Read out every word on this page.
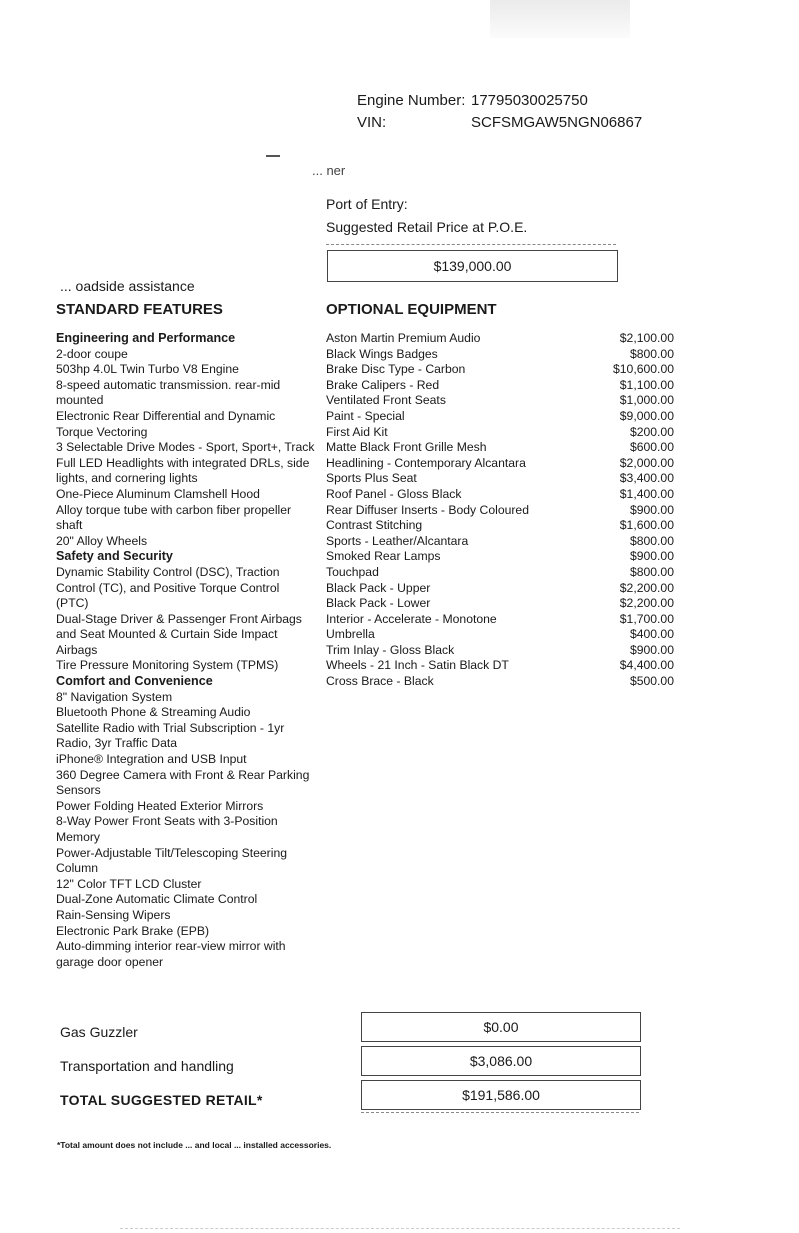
Engine Number: 17795030025750
VIN:	SCFSMGAW5NGN06867
... ner
Port of Entry:
Suggested Retail Price at P.O.E.
$139,000.00
... oadside assistance
STANDARD FEATURES	OPTIONAL EQUIPMENT
Engineering and Performance
2-door coupe
503hp 4.0L Twin Turbo V8 Engine
8-speed automatic transmission. rear-mid
mounted
Electronic Rear Differential and Dynamic
Torque Vectoring
3 Selectable Drive Modes - Sport, Sport+, Track
Full LED Headlights with integrated DRLs, side
lights, and cornering lights
One-Piece Aluminum Clamshell Hood
Alloy torque tube with carbon fiber propeller
shaft
20" Alloy Wheels
Safety and Security
Dynamic Stability Control (DSC), Traction
Control (TC), and Positive Torque Control
(PTC)
Dual-Stage Driver & Passenger Front Airbags
and Seat Mounted & Curtain Side Impact
Airbags
Tire Pressure Monitoring System (TPMS)
Comfort and Convenience
8" Navigation System
Bluetooth Phone & Streaming Audio
Satellite Radio with Trial Subscription - 1yr
Radio, 3yr Traffic Data
iPhone® Integration and USB Input
360 Degree Camera with Front & Rear Parking
Sensors
Power Folding Heated Exterior Mirrors
8-Way Power Front Seats with 3-Position
Memory
Power-Adjustable Tilt/Telescoping Steering
Column
12" Color TFT LCD Cluster
Dual-Zone Automatic Climate Control
Rain-Sensing Wipers
Electronic Park Brake (EPB)
Auto-dimming interior rear-view mirror with
garage door opener
Aston Martin Premium Audio	$2,100.00
Black Wings Badges	$800.00
Brake Disc Type - Carbon	$10,600.00
Brake Calipers - Red	$1,100.00
Ventilated Front Seats	$1,000.00
Paint - Special	$9,000.00
First Aid Kit	$200.00
Matte Black Front Grille Mesh	$600.00
Headlining - Contemporary Alcantara	$2,000.00
Sports Plus Seat	$3,400.00
Roof Panel - Gloss Black	$1,400.00
Rear Diffuser Inserts - Body Coloured	$900.00
Contrast Stitching	$1,600.00
Sports - Leather/Alcantara	$800.00
Smoked Rear Lamps	$900.00
Touchpad	$800.00
Black Pack - Upper	$2,200.00
Black Pack - Lower	$2,200.00
Interior - Accelerate - Monotone	$1,700.00
Umbrella	$400.00
Trim Inlay - Gloss Black	$900.00
Wheels - 21 Inch - Satin Black DT	$4,400.00
Cross Brace - Black	$500.00
Gas Guzzler	$0.00
Transportation and handling	$3,086.00
TOTAL SUGGESTED RETAIL*	$191,586.00
*Total amount does not include ... and local ... installed accessories.
